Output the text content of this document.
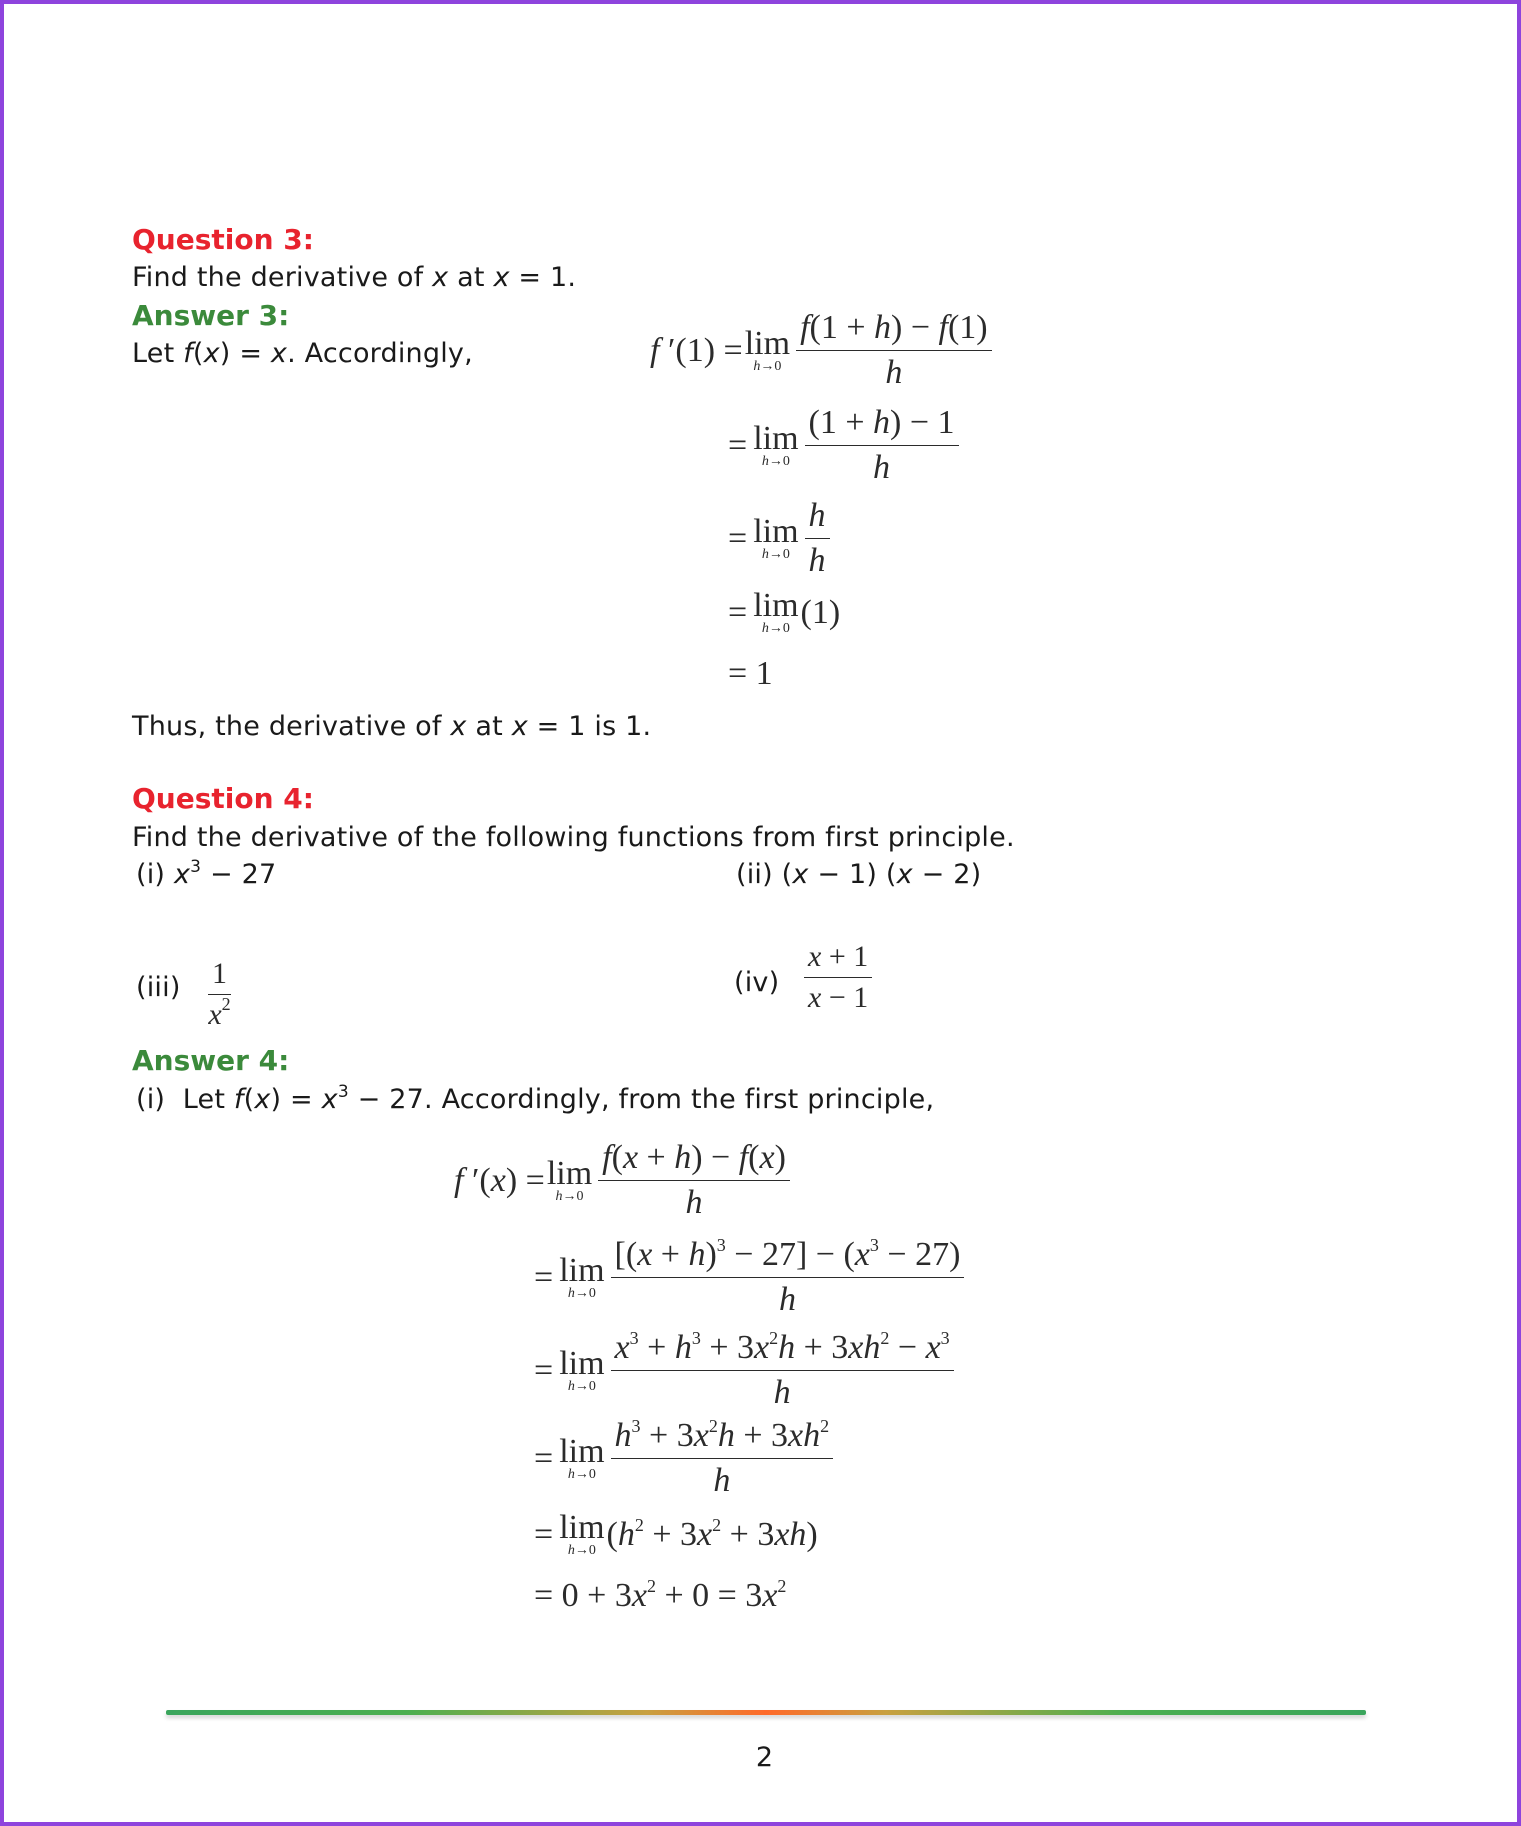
Question 3:
Find the derivative of x at x = 1.
Answer 3:
Let f(x) = x. Accordingly,	f ′(1) = lim
$h\to 0 \frac{f(1 + h) - f(1)}{h}$
= lim
$h\to 0 \frac{(1 + h) - 1}{h}$
= lim
$h\to 0 \frac{h}{h}$
= lim
h→0 (1)
= 1
Thus, the derivative of x at x = 1 is 1.
Question 4:
Find the derivative of the following functions from first principle.
(i) $x^3 - 27$	(ii) (x − 1) (x − 2)
$(iii) \frac{1}{x^2}$	$(iv) \frac{x + 1}{x - 1}$
Answer 4:
(i)  Let $f(x) = x^3 - 27$. Accordingly, from the first principle,
f ′(x) = lim
$h\to 0 \frac{f(x + h) - f(x)}{h}$
= lim
$h\to 0 \frac{[(x + h)^3 - 27] - (x^3 - 27)}{h}$
= lim
$h\to 0 \frac{x^3 + h^3 + 3x^2h + 3xh^2 - x^3}{h}$
= lim
$h\to 0 \frac{h^3 + 3x^2h + 3xh^2}{h}$
= lim
h→0 $(h^2 + 3x^2 + 3xh)$
= $0 + 3x^2 + 0 = 3x^2$
2
